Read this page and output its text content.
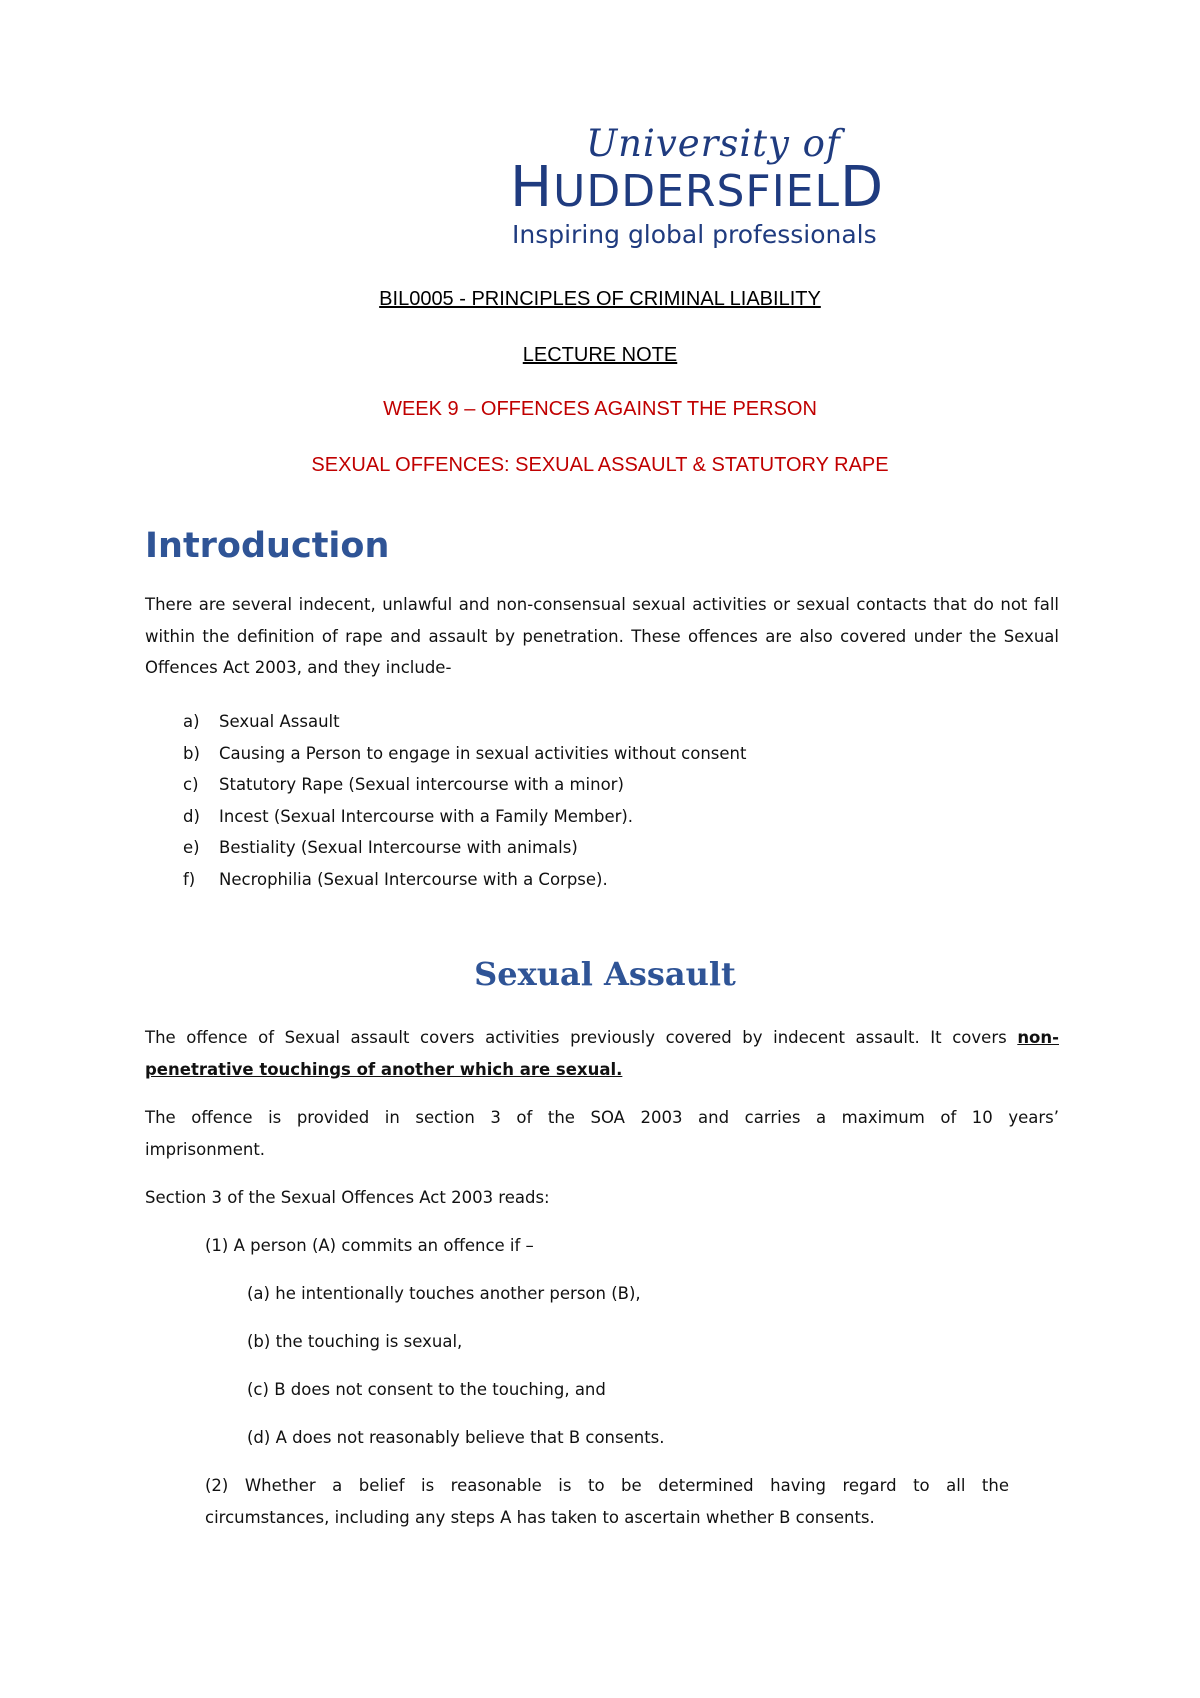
University of
HUDDERSFIELD
Inspiring global professionals
BIL0005 - PRINCIPLES OF CRIMINAL LIABILITY
LECTURE NOTE
WEEK 9 – OFFENCES AGAINST THE PERSON
SEXUAL OFFENCES: SEXUAL ASSAULT & STATUTORY RAPE
Introduction
There are several indecent, unlawful and non-consensual sexual activities or sexual contacts that do not fall within the definition of rape and assault by penetration. These offences are also covered under the Sexual Offences Act 2003, and they include-
a) Sexual Assault
b) Causing a Person to engage in sexual activities without consent
c) Statutory Rape (Sexual intercourse with a minor)
d) Incest (Sexual Intercourse with a Family Member).
e) Bestiality (Sexual Intercourse with animals)
f) Necrophilia (Sexual Intercourse with a Corpse).
Sexual Assault
The offence of Sexual assault covers activities previously covered by indecent assault. It covers non-
penetrative touchings of another which are sexual.
The offence is provided in section 3 of the SOA 2003 and carries a maximum of 10 years’
imprisonment.
Section 3 of the Sexual Offences Act 2003 reads:
(1) A person (A) commits an offence if –
(a) he intentionally touches another person (B),
(b) the touching is sexual,
(c) B does not consent to the touching, and
(d) A does not reasonably believe that B consents.
(2) Whether a belief is reasonable is to be determined having regard to all the
circumstances, including any steps A has taken to ascertain whether B consents.
